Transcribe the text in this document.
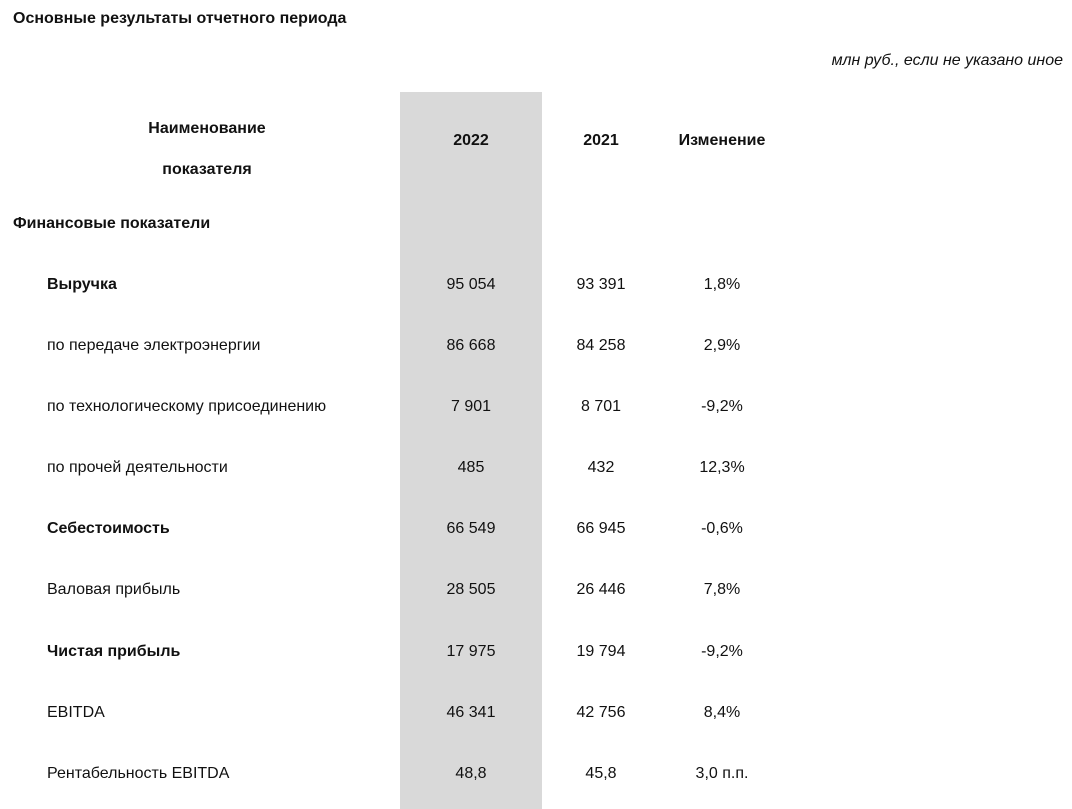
Основные результаты отчетного периода
млн руб., если не указано иное
Наименование
показателя
2022	2021	Изменение
Финансовые показатели
Выручка	95 054	93 391	1,8%
по передаче электроэнергии	86 668	84 258	2,9%
по технологическому присоединению	7 901	8 701	-9,2%
по прочей деятельности	485	432	12,3%
Себестоимость	66 549	66 945	-0,6%
Валовая прибыль	28 505	26 446	7,8%
Чистая прибыль	17 975	19 794	-9,2%
EBITDA	46 341	42 756	8,4%
Рентабельность EBITDA	48,8	45,8	3,0 п.п.
